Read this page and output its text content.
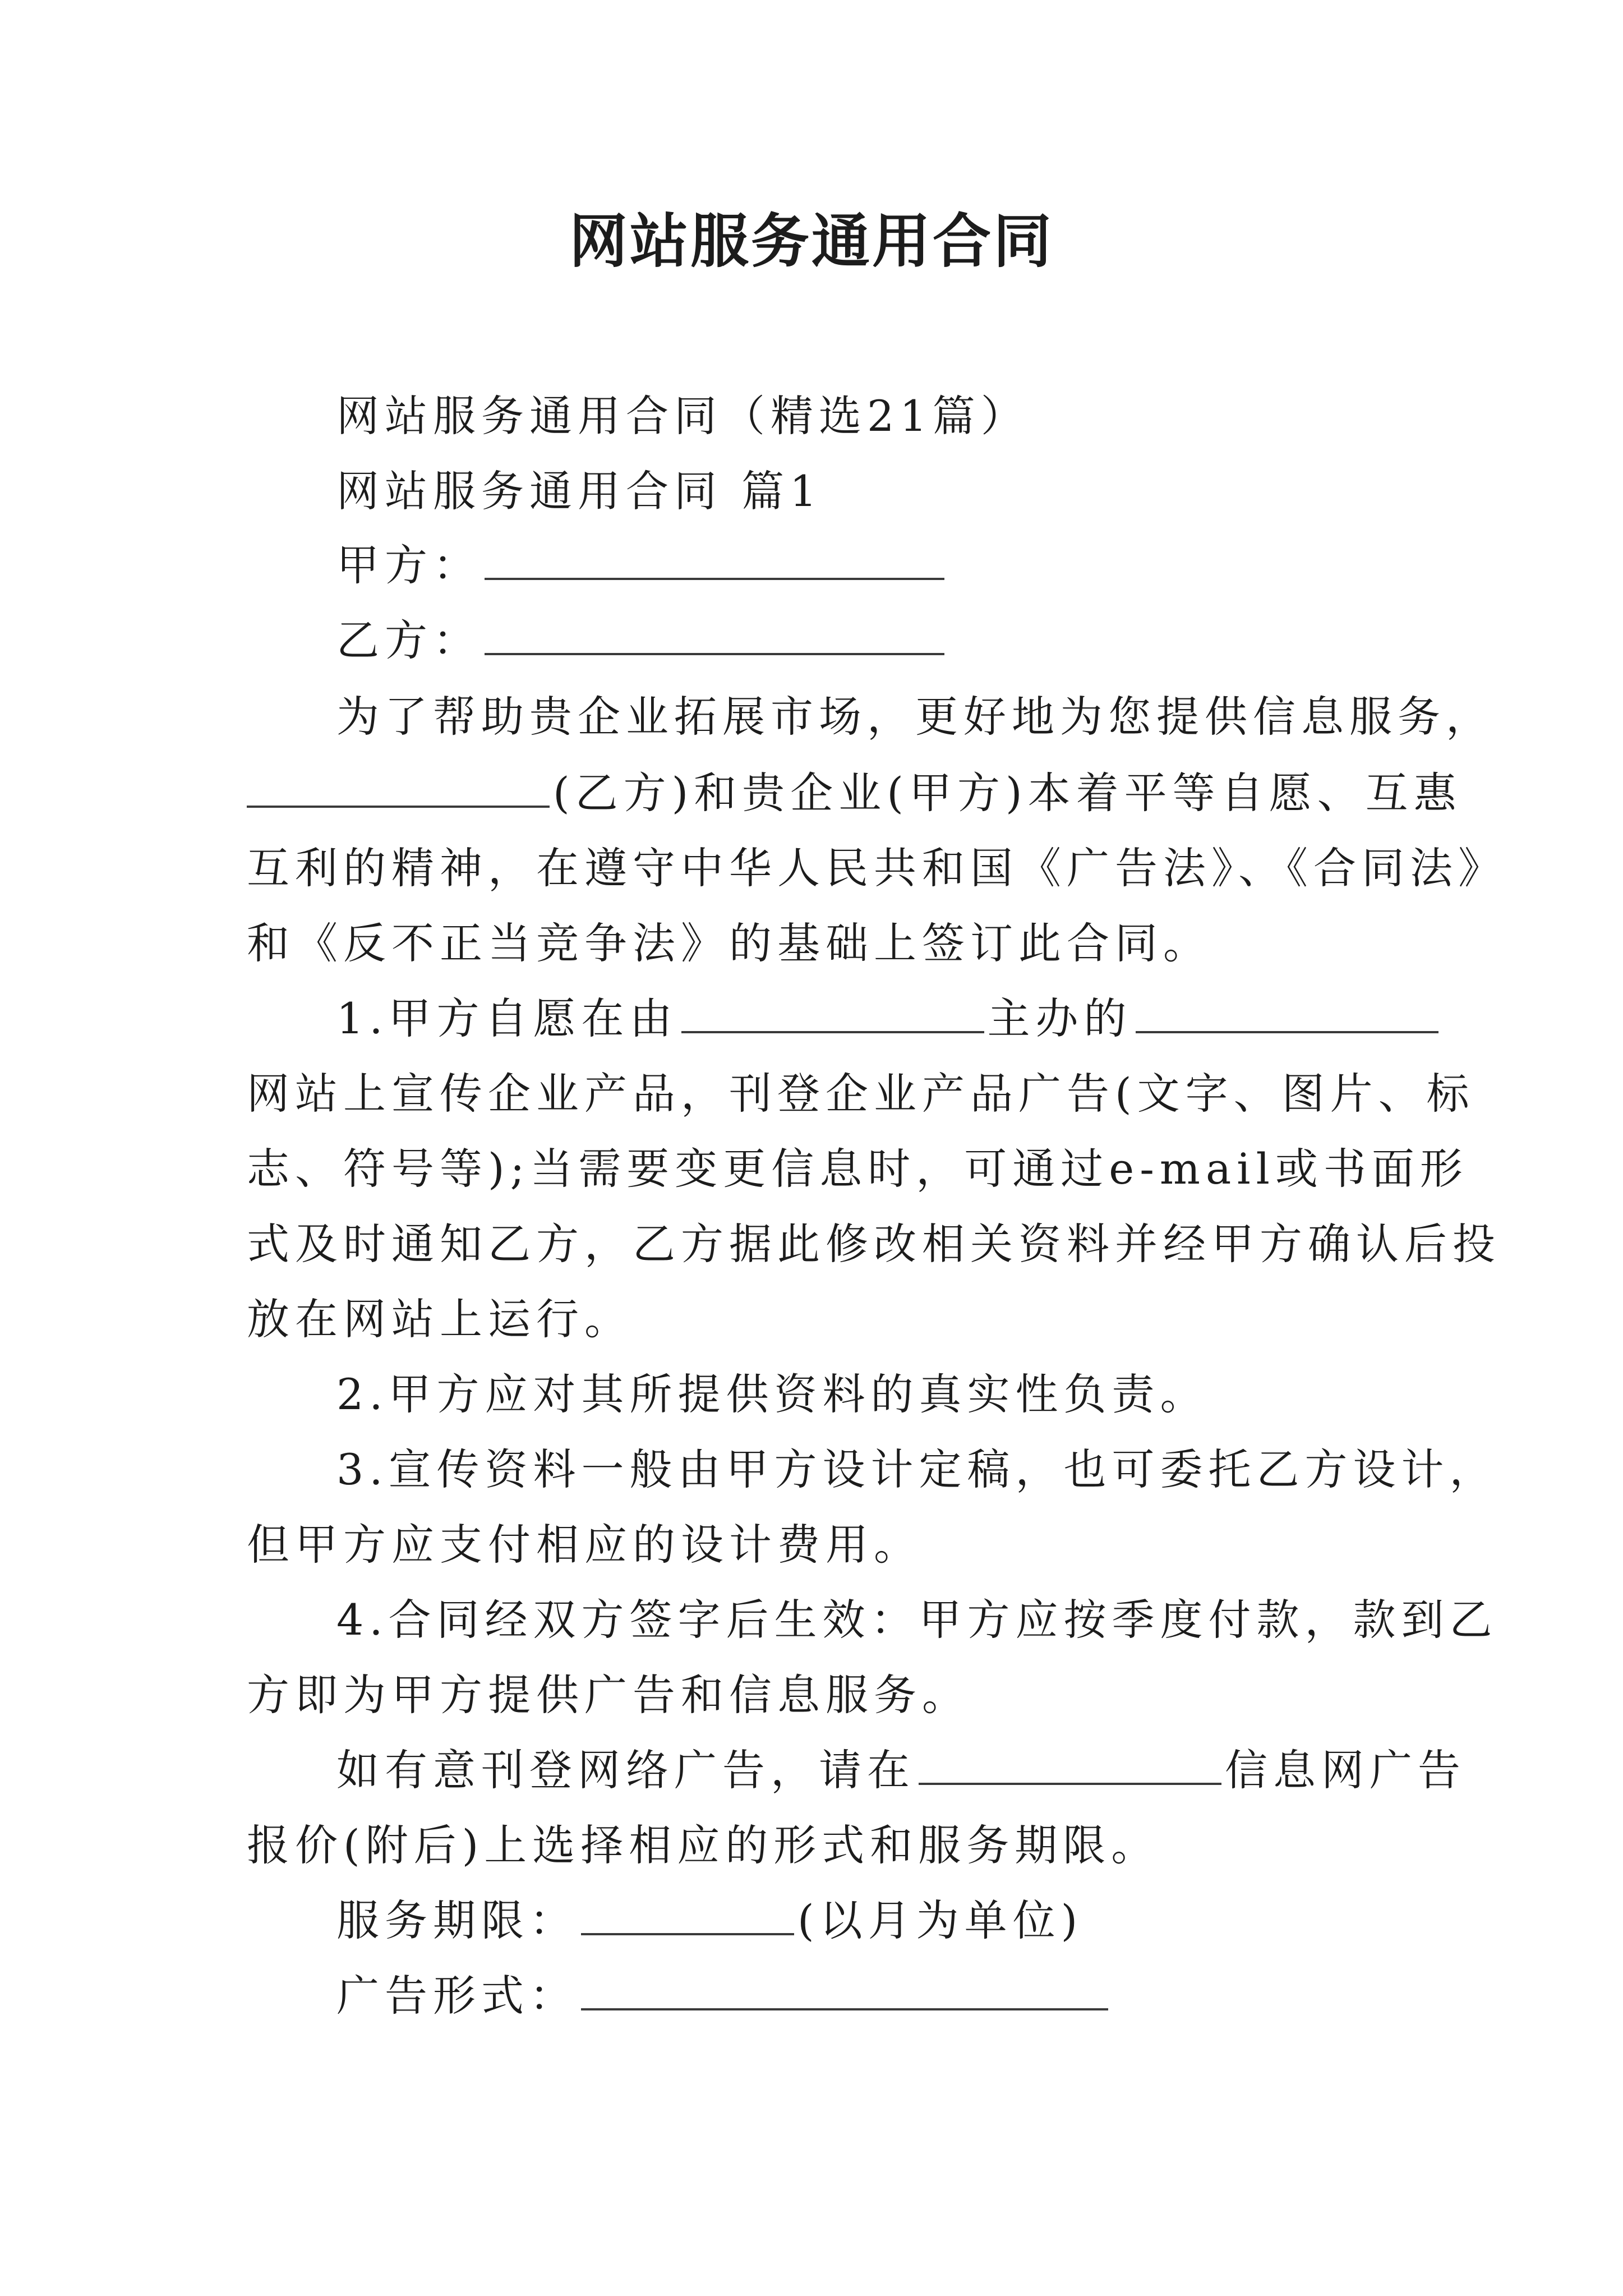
网站服务通用合同
网站服务通用合同（精选21篇）
网站服务通用合同 篇1
甲方：
乙方：
为了帮助贵企业拓展市场，更好地为您提供信息服务，
(乙方)和贵企业(甲方)本着平等自愿、互惠
互利的精神，在遵守中华人民共和国《广告法》、《合同法》
和《反不正当竞争法》的基础上签订此合同。
1.甲方自愿在由	主办的
网站上宣传企业产品，刊登企业产品广告(文字、图片、标
志、符号等);当需要变更信息时，可通过e-mail或书面形
式及时通知乙方，乙方据此修改相关资料并经甲方确认后投
放在网站上运行。
2.甲方应对其所提供资料的真实性负责。
3.宣传资料一般由甲方设计定稿，也可委托乙方设计，
但甲方应支付相应的设计费用。
4.合同经双方签字后生效：甲方应按季度付款，款到乙
方即为甲方提供广告和信息服务。
如有意刊登网络广告，请在	信息网广告
报价(附后)上选择相应的形式和服务期限。
服务期限：	(以月为单位)
广告形式：
